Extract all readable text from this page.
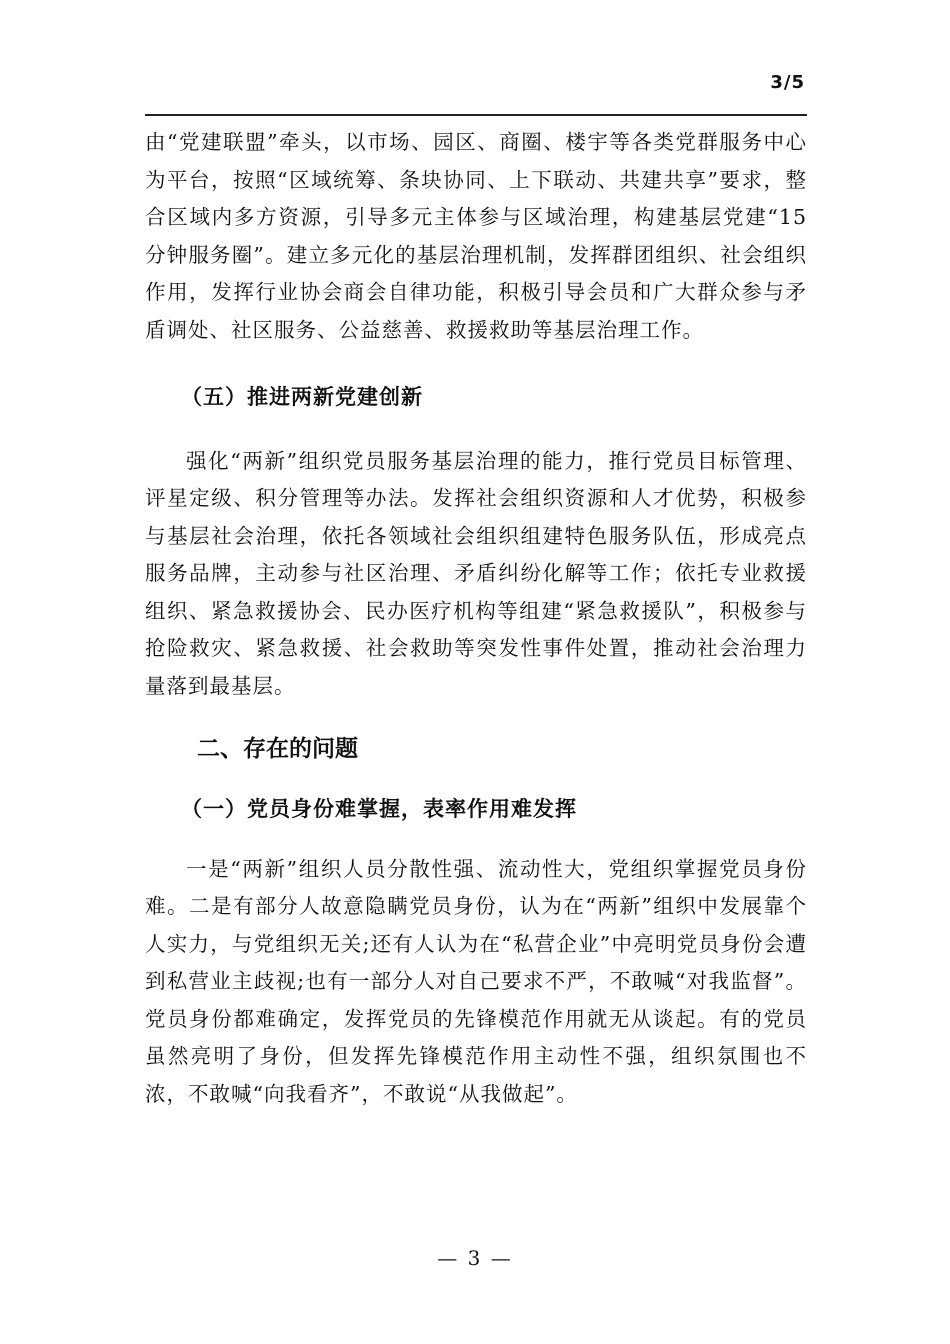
3/5

由“党建联盟”牵头，以市场、园区、商圈、楼宇等各类党群服务中心为平台，按照“区域统筹、条块协同、上下联动、共建共享”要求，整合区域内多方资源，引导多元主体参与区域治理，构建基层党建“15分钟服务圈”。建立多元化的基层治理机制，发挥群团组织、社会组织作用，发挥行业协会商会自律功能，积极引导会员和广大群众参与矛盾调处、社区服务、公益慈善、救援救助等基层治理工作。

（五）推进两新党建创新

强化“两新”组织党员服务基层治理的能力，推行党员目标管理、评星定级、积分管理等办法。发挥社会组织资源和人才优势，积极参与基层社会治理，依托各领域社会组织组建特色服务队伍，形成亮点服务品牌，主动参与社区治理、矛盾纠纷化解等工作；依托专业救援组织、紧急救援协会、民办医疗机构等组建“紧急救援队”，积极参与抢险救灾、紧急救援、社会救助等突发性事件处置，推动社会治理力量落到最基层。

二、存在的问题
（一）党员身份难掌握，表率作用难发挥

一是“两新”组织人员分散性强、流动性大，党组织掌握党员身份难。二是有部分人故意隐瞒党员身份，认为在“两新”组织中发展靠个人实力，与党组织无关;还有人认为在“私营企业”中亮明党员身份会遭到私营业主歧视;也有一部分人对自己要求不严，不敢喊“对我监督”。党员身份都难确定，发挥党员的先锋模范作用就无从谈起。有的党员虽然亮明了身份，但发挥先锋模范作用主动性不强，组织氛围也不浓，不敢喊“向我看齐”，不敢说“从我做起”。

— 3 —
